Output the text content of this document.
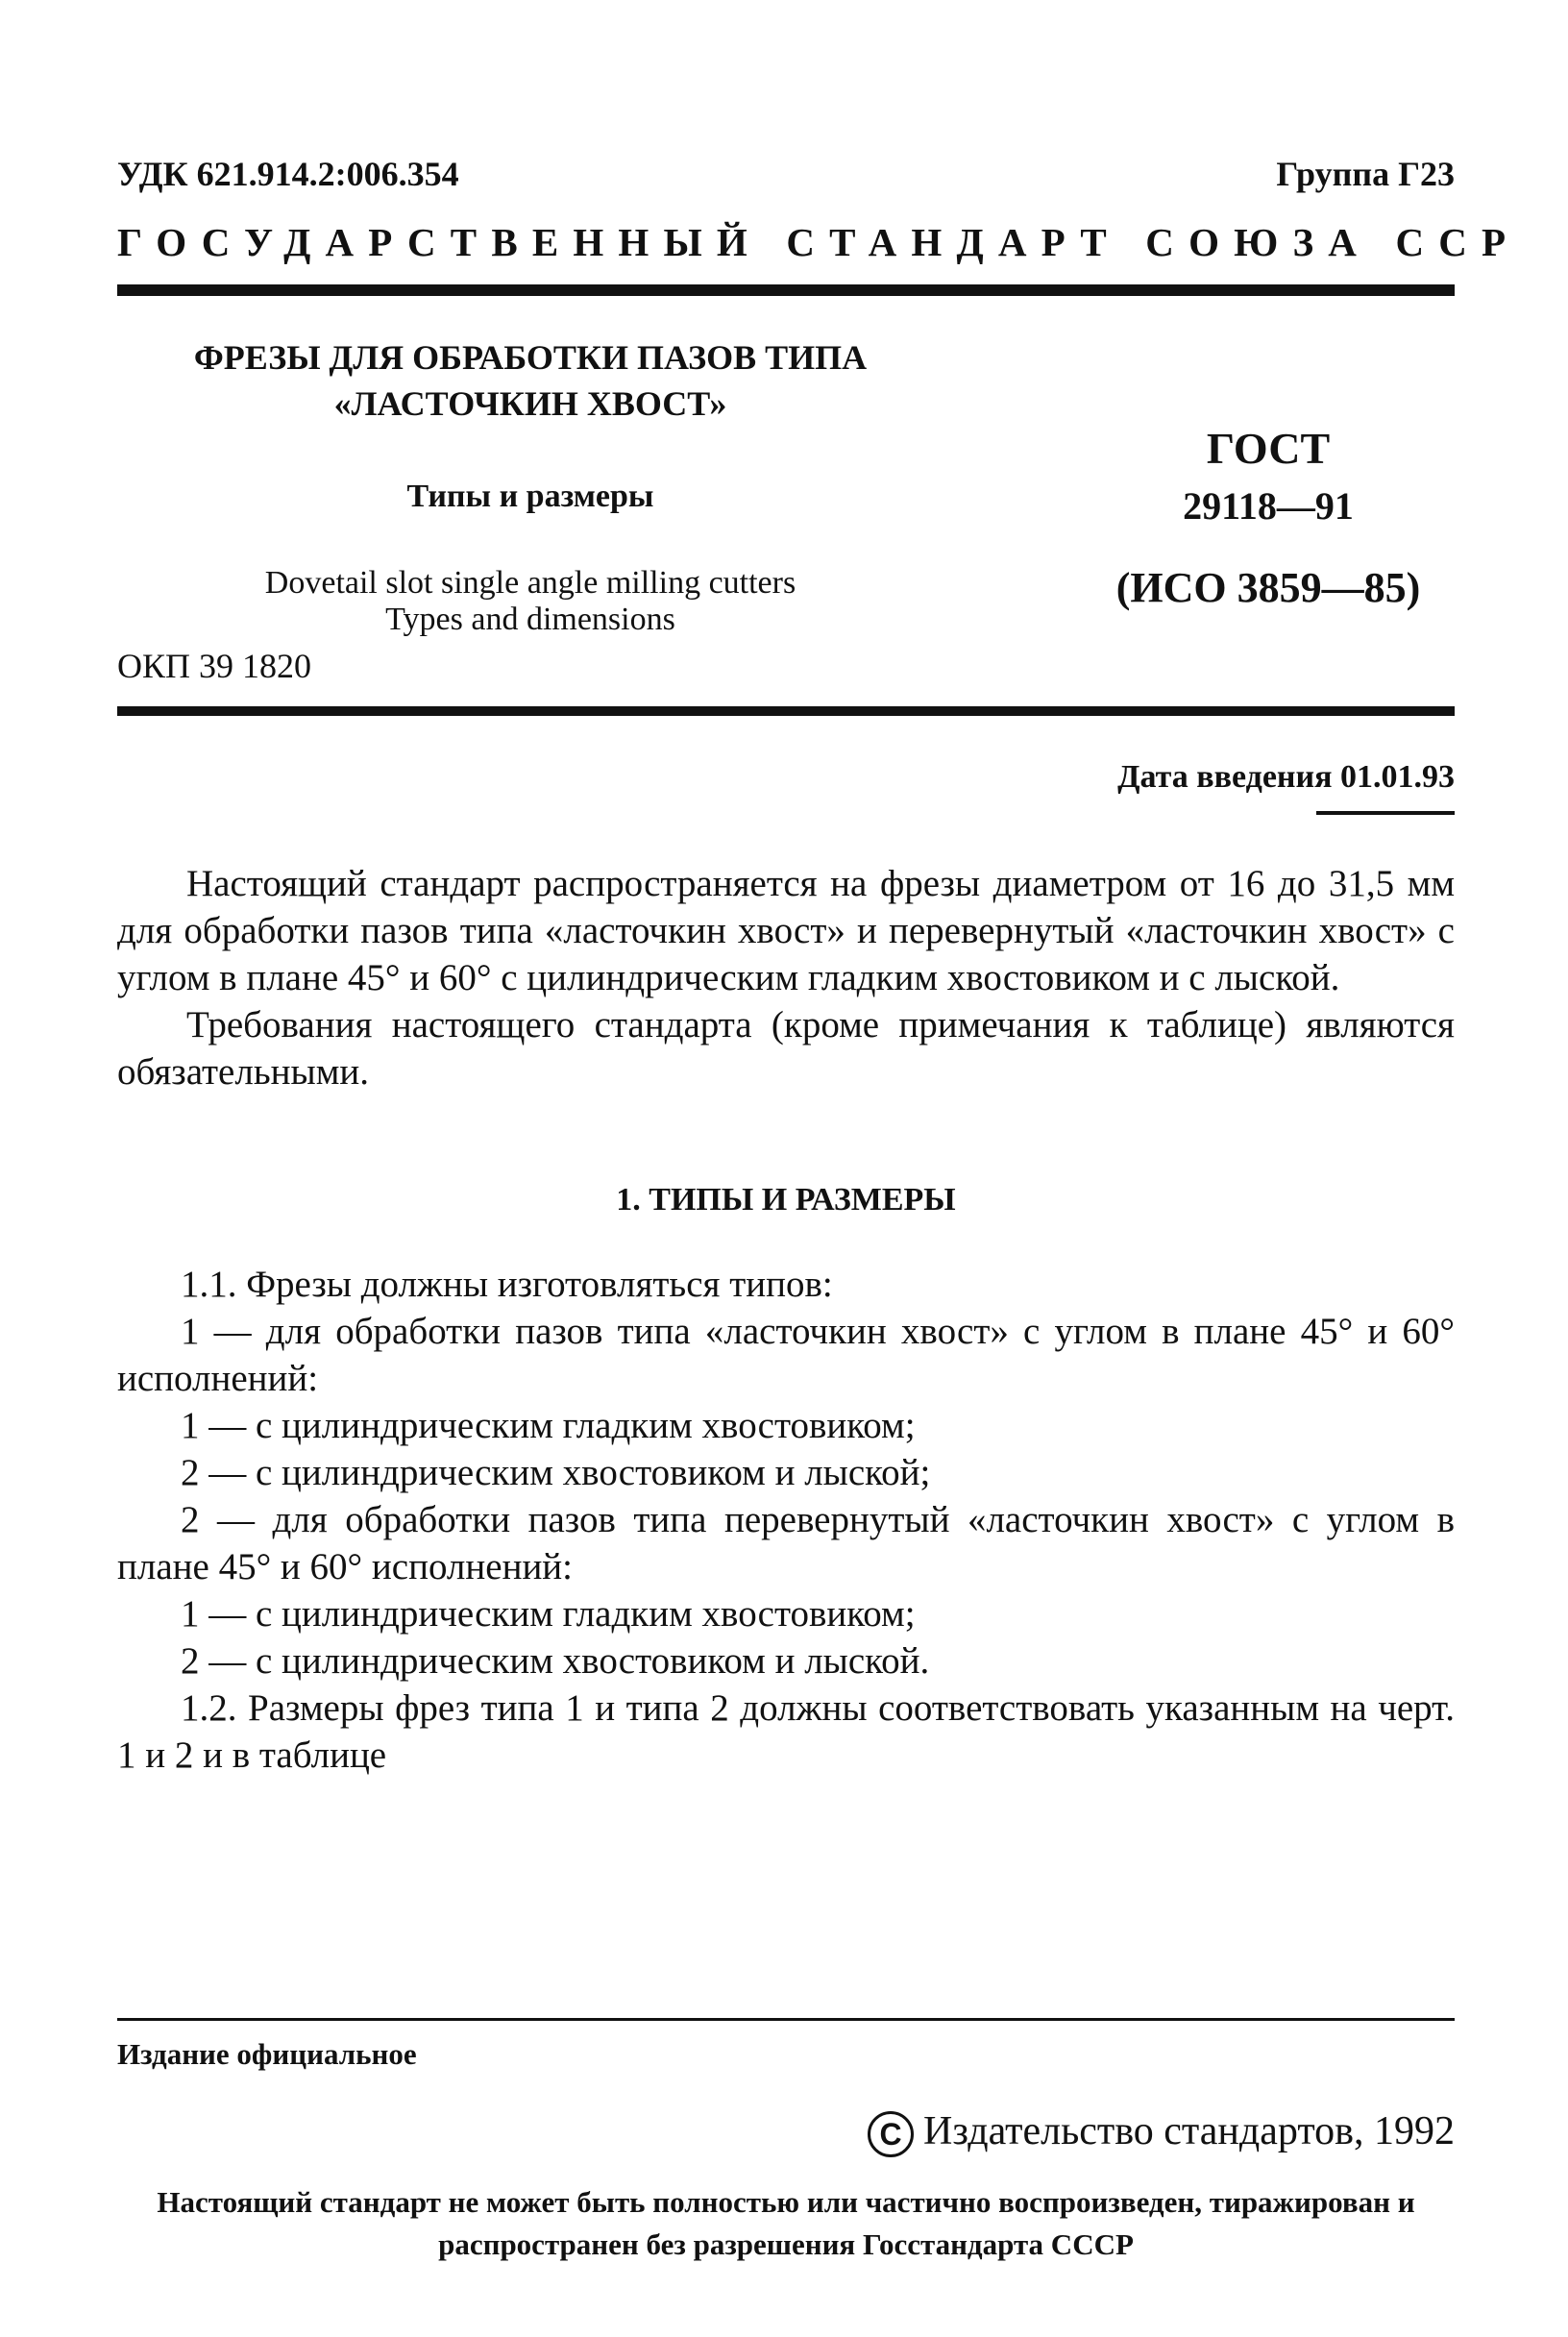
УДК 621.914.2:006.354	Группа Г23
ГОСУДАРСТВЕННЫЙ СТАНДАРТ СОЮЗА ССР
ФРЕЗЫ ДЛЯ ОБРАБОТКИ ПАЗОВ ТИПА
«ЛАСТОЧКИН ХВОСТ»
Типы и размеры
Dovetail slot single angle milling cutters
Types and dimensions
ГОСТ
29118—91
(ИСО 3859—85)
ОКП 39 1820
Дата введения 01.01.93

Настоящий стандарт распространяется на фрезы диаметром от 16 до 31,5 мм для обработки пазов типа «ласточкин хвост» и перевернутый «ласточкин хвост» с углом в плане 45° и 60° с цилиндрическим гладким хвостовиком и с лыской.

Требования настоящего стандарта (кроме примечания к таблице) являются обязательными.

1. ТИПЫ И РАЗМЕРЫ

1.1. Фрезы должны изготовляться типов:

1 — для обработки пазов типа «ласточкин хвост» с углом в плане 45° и 60° исполнений:

1 — с цилиндрическим гладким хвостовиком;

2 — с цилиндрическим хвостовиком и лыской;

2 — для обработки пазов типа перевернутый «ласточкин хвост» с углом в плане 45° и 60° исполнений:

1 — с цилиндрическим гладким хвостовиком;

2 — с цилиндрическим хвостовиком и лыской.

1.2. Размеры фрез типа 1 и типа 2 должны соответствовать указанным на черт. 1 и 2 и в таблице

Издание официальное
C Издательство стандартов, 1992
Настоящий стандарт не может быть полностью или частично воспроизведен, тиражирован и распространен без разрешения Госстандарта СССР
